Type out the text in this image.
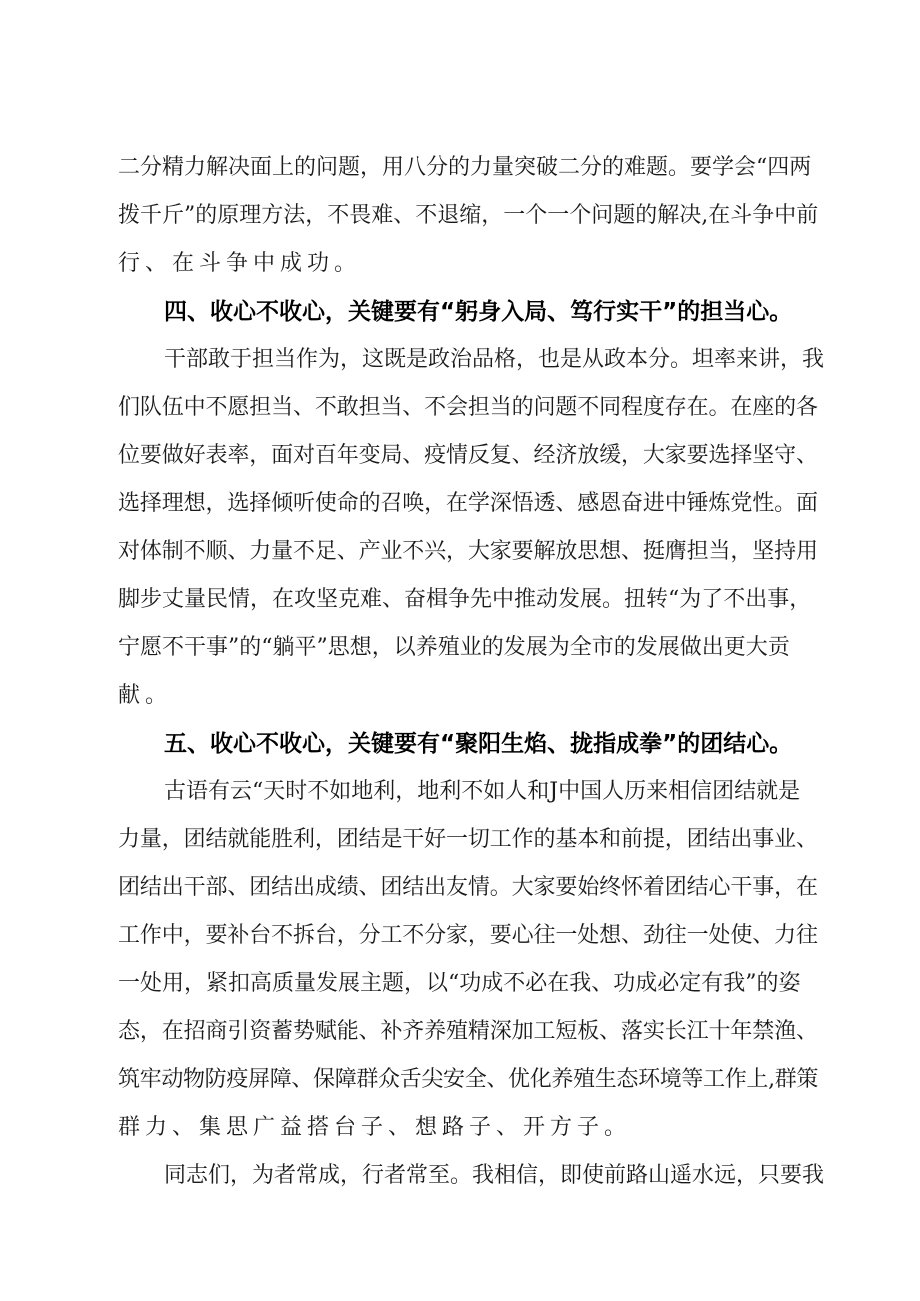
二分精力解决面上的问题，用八分的力量突破二分的难题。要学会“四两
拨千斤”的原理方法，不畏难、不退缩，一个一个问题的解决,在斗争中前
行、在斗争中成功。
四、收心不收心，关键要有“躬身入局、笃行实干”的担当心。
干部敢于担当作为，这既是政治品格，也是从政本分。坦率来讲，我
们队伍中不愿担当、不敢担当、不会担当的问题不同程度存在。在座的各
位要做好表率，面对百年变局、疫情反复、经济放缓，大家要选择坚守、
选择理想，选择倾听使命的召唤，在学深悟透、感恩奋进中锤炼党性。面
对体制不顺、力量不足、产业不兴，大家要解放思想、挺膺担当，坚持用
脚步丈量民情，在攻坚克难、奋楫争先中推动发展。扭转“为了不出事，
宁愿不干事”的“躺平”思想，以养殖业的发展为全市的发展做出更大贡
献。
五、收心不收心，关键要有“聚阳生焰、拢指成拳”的团结心。
古语有云“天时不如地利，地利不如人和J中国人历来相信团结就是
力量，团结就能胜利，团结是干好一切工作的基本和前提，团结出事业、
团结出干部、团结出成绩、团结出友情。大家要始终怀着团结心干事，在
工作中，要补台不拆台，分工不分家，要心往一处想、劲往一处使、力往
一处用，紧扣高质量发展主题，以“功成不必在我、功成必定有我”的姿
态，在招商引资蓄势赋能、补齐养殖精深加工短板、落实长江十年禁渔、
筑牢动物防疫屏障、保障群众舌尖安全、优化养殖生态环境等工作上,群策
群力、集思广益搭台子、想路子、开方子。
同志们，为者常成，行者常至。我相信，即使前路山遥水远，只要我
